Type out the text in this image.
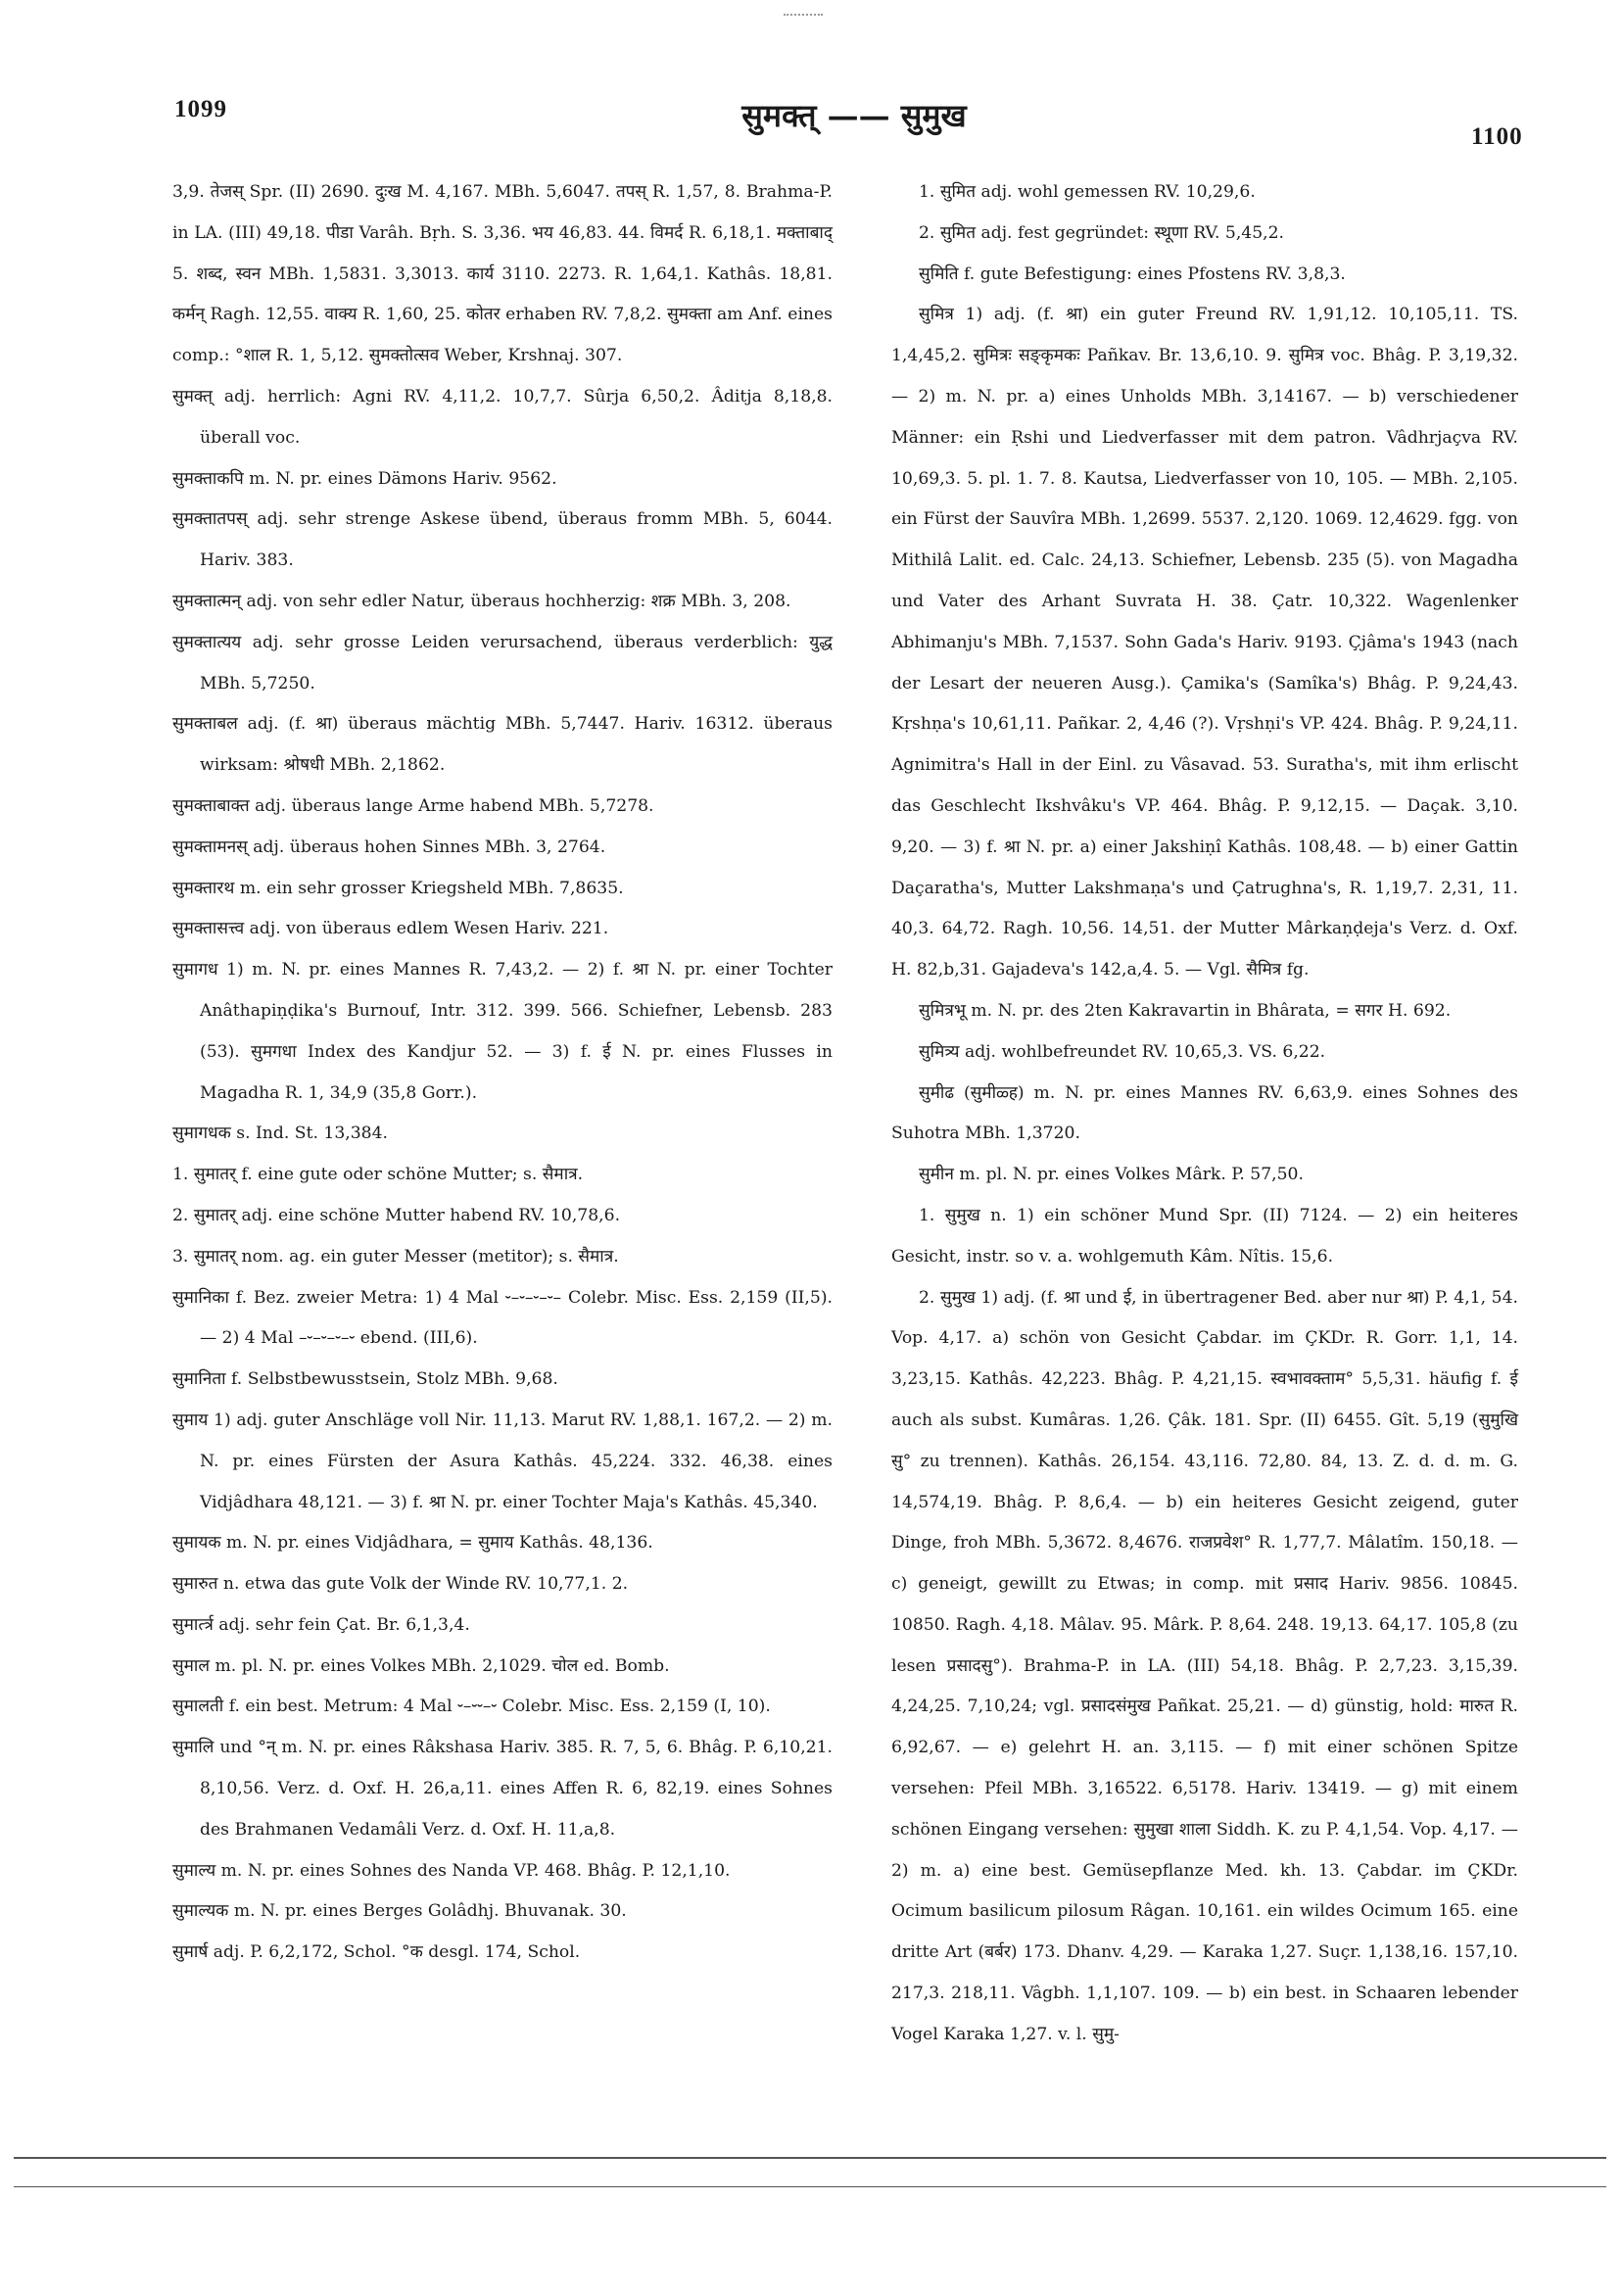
1099	सुमक्त् —— सुमुख
1100

3,9. तेजस् Spr. (II) 2690. दुःख M. 4,167. MBh. 5,6047. तपस् R. 1,57, 8. Brahma-P. in LA. (III) 49,18. पीडा Varâh. Bṛh. S. 3,36. भय 46,83. 44. विमर्द R. 6,18,1. मक्ताबाद् 5. शब्द, स्वन MBh. 1,5831. 3,3013. कार्य 3110. 2273. R. 1,64,1. Kathâs. 18,81. कर्मन् Ragh. 12,55. वाक्य R. 1,60, 25. कोतर erhaben RV. 7,8,2. सुमक्ता am Anf. eines comp.: °शाल R. 1, 5,12. सुमक्तोत्सव Weber, Krshnaj. 307.

सुमक्त् adj. herrlich: Agni RV. 4,11,2. 10,7,7. Sûrja 6,50,2. Âditja 8,18,8. überall voc.

सुमक्ताकपि m. N. pr. eines Dämons Hariv. 9562.

सुमक्तातपस् adj. sehr strenge Askese übend, überaus fromm MBh. 5, 6044. Hariv. 383.

सुमक्तात्मन् adj. von sehr edler Natur, überaus hochherzig: शक्र MBh. 3, 208.

सुमक्तात्यय adj. sehr grosse Leiden verursachend, überaus verderblich: युद्ध MBh. 5,7250.

सुमक्ताबल adj. (f. श्रा) überaus mächtig MBh. 5,7447. Hariv. 16312. überaus wirksam: श्रोषधी MBh. 2,1862.

सुमक्ताबाक्त adj. überaus lange Arme habend MBh. 5,7278.

सुमक्तामनस् adj. überaus hohen Sinnes MBh. 3, 2764.

सुमक्तारथ m. ein sehr grosser Kriegsheld MBh. 7,8635.

सुमक्तासत्त्व adj. von überaus edlem Wesen Hariv. 221.

सुमागध 1) m. N. pr. eines Mannes R. 7,43,2. — 2) f. श्रा N. pr. einer Tochter Anâthapiṇḍika's Burnouf, Intr. 312. 399. 566. Schiefner, Lebensb. 283 (53). सुमगधा Index des Kandjur 52. — 3) f. ई N. pr. eines Flusses in Magadha R. 1, 34,9 (35,8 Gorr.).

सुमागधक s. Ind. St. 13,384.

1. सुमातर् f. eine gute oder schöne Mutter; s. सैमात्र.

2. सुमातर् adj. eine schöne Mutter habend RV. 10,78,6.

3. सुमातर् nom. ag. ein guter Messer (metitor); s. सैमात्र.

सुमानिका f. Bez. zweier Metra: 1) 4 Mal ⏑–⏑–⏑–⏑– Colebr. Misc. Ess. 2,159 (II,5). — 2) 4 Mal –⏑–⏑–⏑–⏑ ebend. (III,6).

सुमानिता f. Selbstbewusstsein, Stolz MBh. 9,68.

सुमाय 1) adj. guter Anschläge voll Nir. 11,13. Marut RV. 1,88,1. 167,2. — 2) m. N. pr. eines Fürsten der Asura Kathâs. 45,224. 332. 46,38. eines Vidjâdhara 48,121. — 3) f. श्रा N. pr. einer Tochter Maja's Kathâs. 45,340.

सुमायक m. N. pr. eines Vidjâdhara, = सुमाय Kathâs. 48,136.

सुमारुत n. etwa das gute Volk der Winde RV. 10,77,1. 2.

सुमार्त्त्र adj. sehr fein Çat. Br. 6,1,3,4.

सुमाल m. pl. N. pr. eines Volkes MBh. 2,1029. चोल ed. Bomb.

सुमालती f. ein best. Metrum: 4 Mal ⏑–⏑⏑–⏑ Colebr. Misc. Ess. 2,159 (I, 10).

सुमालि und °न् m. N. pr. eines Râkshasa Hariv. 385. R. 7, 5, 6. Bhâg. P. 6,10,21. 8,10,56. Verz. d. Oxf. H. 26,a,11. eines Affen R. 6, 82,19. eines Sohnes des Brahmanen Vedamâli Verz. d. Oxf. H. 11,a,8.

सुमाल्य m. N. pr. eines Sohnes des Nanda VP. 468. Bhâg. P. 12,1,10.

सुमाल्यक m. N. pr. eines Berges Golâdhj. Bhuvanak. 30.

सुमार्ष adj. P. 6,2,172, Schol. °क desgl. 174, Schol.

1. सुमित adj. wohl gemessen RV. 10,29,6.

2. सुमित adj. fest gegründet: स्थूणा RV. 5,45,2.

सुमिति f. gute Befestigung: eines Pfostens RV. 3,8,3.

सुमित्र 1) adj. (f. श्रा) ein guter Freund RV. 1,91,12. 10,105,11. TS. 1,4,45,2. सुमित्रः सङ्कृमकः Pañkav. Br. 13,6,10. 9. सुमित्र voc. Bhâg. P. 3,19,32. — 2) m. N. pr. a) eines Unholds MBh. 3,14167. — b) verschiedener Männer: ein Ṛshi und Liedverfasser mit dem patron. Vâdhrjaçva RV. 10,69,3. 5. pl. 1. 7. 8. Kautsa, Liedverfasser von 10, 105. — MBh. 2,105. ein Fürst der Sauvîra MBh. 1,2699. 5537. 2,120. 1069. 12,4629. fgg. von Mithilâ Lalit. ed. Calc. 24,13. Schiefner, Lebensb. 235 (5). von Magadha und Vater des Arhant Suvrata H. 38. Çatr. 10,322. Wagenlenker Abhimanju's MBh. 7,1537. Sohn Gada's Hariv. 9193. Çjâma's 1943 (nach der Lesart der neueren Ausg.). Çamika's (Samîka's) Bhâg. P. 9,24,43. Kṛshṇa's 10,61,11. Pañkar. 2, 4,46 (?). Vṛshṇi's VP. 424. Bhâg. P. 9,24,11. Agnimitra's Hall in der Einl. zu Vâsavad. 53. Suratha's, mit ihm erlischt das Geschlecht Ikshvâku's VP. 464. Bhâg. P. 9,12,15. — Daçak. 3,10. 9,20. — 3) f. श्रा N. pr. a) einer Jakshiṇî Kathâs. 108,48. — b) einer Gattin Daçaratha's, Mutter Lakshmaṇa's und Çatrughna's, R. 1,19,7. 2,31, 11. 40,3. 64,72. Ragh. 10,56. 14,51. der Mutter Mârkaṇḍeja's Verz. d. Oxf. H. 82,b,31. Gajadeva's 142,a,4. 5. — Vgl. सैमित्र fg.

सुमित्रभू m. N. pr. des 2ten Kakravartin in Bhârata, = सगर H. 692.

सुमित्र्य adj. wohlbefreundet RV. 10,65,3. VS. 6,22.

सुमीढ (सुमीळ्ह) m. N. pr. eines Mannes RV. 6,63,9. eines Sohnes des Suhotra MBh. 1,3720.

सुमीन m. pl. N. pr. eines Volkes Mârk. P. 57,50.

1. सुमुख n. 1) ein schöner Mund Spr. (II) 7124. — 2) ein heiteres Gesicht, instr. so v. a. wohlgemuth Kâm. Nîtis. 15,6.

2. सुमुख 1) adj. (f. श्रा und ई, in übertragener Bed. aber nur श्रा) P. 4,1, 54. Vop. 4,17. a) schön von Gesicht Çabdar. im ÇKDr. R. Gorr. 1,1, 14. 3,23,15. Kathâs. 42,223. Bhâg. P. 4,21,15. स्वभावक्ताम° 5,5,31. häufig f. ई auch als subst. Kumâras. 1,26. Çâk. 181. Spr. (II) 6455. Gît. 5,19 (सुमुखि सु° zu trennen). Kathâs. 26,154. 43,116. 72,80. 84, 13. Z. d. d. m. G. 14,574,19. Bhâg. P. 8,6,4. — b) ein heiteres Gesicht zeigend, guter Dinge, froh MBh. 5,3672. 8,4676. राजप्रवेश° R. 1,77,7. Mâlatîm. 150,18. — c) geneigt, gewillt zu Etwas; in comp. mit प्रसाद Hariv. 9856. 10845. 10850. Ragh. 4,18. Mâlav. 95. Mârk. P. 8,64. 248. 19,13. 64,17. 105,8 (zu lesen प्रसादसु°). Brahma-P. in LA. (III) 54,18. Bhâg. P. 2,7,23. 3,15,39. 4,24,25. 7,10,24; vgl. प्रसादसंमुख Pañkat. 25,21. — d) günstig, hold: मारुत R. 6,92,67. — e) gelehrt H. an. 3,115. — f) mit einer schönen Spitze versehen: Pfeil MBh. 3,16522. 6,5178. Hariv. 13419. — g) mit einem schönen Eingang versehen: सुमुखा शाला Siddh. K. zu P. 4,1,54. Vop. 4,17. — 2) m. a) eine best. Gemüsepflanze Med. kh. 13. Çabdar. im ÇKDr. Ocimum basilicum pilosum Râgan. 10,161. ein wildes Ocimum 165. eine dritte Art (बर्बर) 173. Dhanv. 4,29. — Karaka 1,27. Suçr. 1,138,16. 157,10. 217,3. 218,11. Vâgbh. 1,1,107. 109. — b) ein best. in Schaaren lebender Vogel Karaka 1,27. v. l. सुमु-
